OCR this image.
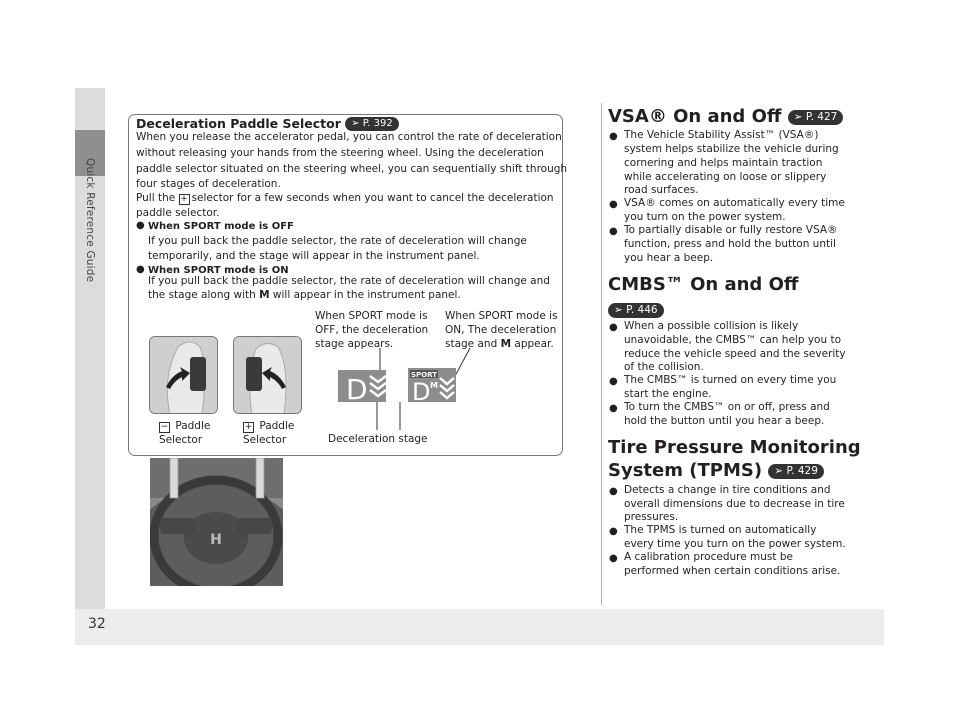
Quick Reference Guide
32
H
Deceleration Paddle Selector ➢ P. 392
When you release the accelerator pedal, you can control the rate of deceleration
without releasing your hands from the steering wheel. Using the deceleration
paddle selector situated on the steering wheel, you can sequentially shift through
four stages of deceleration.
Pull the + selector for a few seconds when you want to cancel the deceleration
paddle selector.
● When SPORT mode is OFF
If you pull back the paddle selector, the rate of deceleration will change
temporarily, and the stage will appear in the instrument panel.
● When SPORT mode is ON
If you pull back the paddle selector, the rate of deceleration will change and
the stage along with M will appear in the instrument panel.
− Paddle
Selector
+ Paddle
Selector
When SPORT mode is
OFF, the deceleration
stage appears.
When SPORT mode is
ON, The deceleration
stage and M appear.
D	SPORT
D M
Deceleration stage
VSA® On and Off ➢ P. 427
● The Vehicle Stability Assist™ (VSA®)
system helps stabilize the vehicle during
cornering and helps maintain traction
while accelerating on loose or slippery
road surfaces.
● VSA® comes on automatically every time
you turn on the power system.
● To partially disable or fully restore VSA®
function, press and hold the button until
you hear a beep.
CMBS™ On and Off
➢ P. 446
● When a possible collision is likely
unavoidable, the CMBS™ can help you to
reduce the vehicle speed and the severity
of the collision.
● The CMBS™ is turned on every time you
start the engine.
● To turn the CMBS™ on or off, press and
hold the button until you hear a beep.
Tire Pressure Monitoring
System (TPMS) ➢ P. 429
● Detects a change in tire conditions and
overall dimensions due to decrease in tire
pressures.
● The TPMS is turned on automatically
every time you turn on the power system.
● A calibration procedure must be
performed when certain conditions arise.
